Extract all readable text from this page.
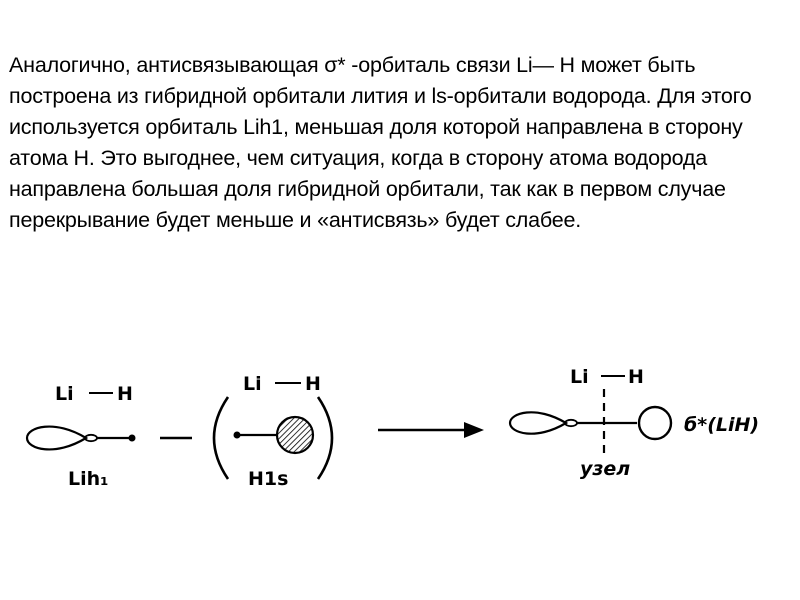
Аналогично, антисвязывающая σ* -орбиталь связи Li— H может быть построена из гибридной орбитали лития и ls-орбитали водорода. Для этого используется орбиталь Lih1, меньшая доля которой направлена в сторону атома Н. Это выгоднее, чем ситуация, когда в сторону атома водорода направлена большая доля гибридной орбитали, так как в первом случае перекрывание будет меньше и «антисвязь» будет слабее.

Li H
Lih₁
Li H
H1s
Li H
узел
б*(LiH)
